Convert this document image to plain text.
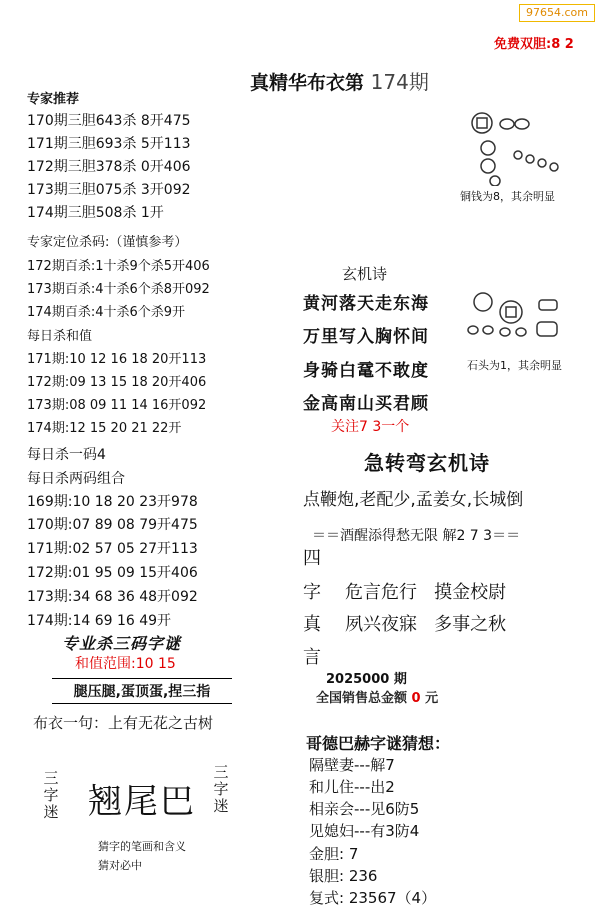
97654.com
免费双胆:8 2
真精华布衣第 174期
专家推荐
170期三胆643杀 8开475
171期三胆693杀 5开113
172期三胆378杀 0开406
173期三胆075杀 3开092
174期三胆508杀 1开
专家定位杀码:（谨慎参考）
172期百杀:1十杀9个杀5开406
173期百杀:4十杀6个杀8开092
174期百杀:4十杀6个杀9开
每日杀和值
171期:10 12 16 18 20开113
172期:09 13 15 18 20开406
173期:08 09 11 14 16开092
174期:12 15 20 21 22开
每日杀一码4
每日杀两码组合
169期:10 18 20 23开978
170期:07 89 08 79开475
171期:02 57 05 27开113
172期:01 95 09 15开406
173期:34 68 36 48开092
174期:14 69 16 49开
专业杀三码字谜
和值范围:10 15
腿压腿,蛋顶蛋,捏三指
布衣一句：上有无花之古树
三字迷 翘尾巴
三字迷
猜字的笔画和含义
猜对必中
铜钱为8，其余明显
玄机诗
黄河落天走东海
万里写入胸怀间
身骑白鼋不敢度
金高南山买君顾
石头为1，其余明显
关注7 3一个
急转弯玄机诗
点鞭炮,老配少,孟姜女,长城倒
＝＝酒醒添得愁无限 解2 7 3＝＝
四
字
真
言
危言危行   摸金校尉
夙兴夜寐   多事之秋
2025000 期
全国销售总金额 0 元
哥德巴赫字谜猜想：
隔壁妻---解7
和儿住---出2
相亲会---见6防5
见媳妇---有3防4
金胆: 7
银胆: 236
复式: 23567（4）
